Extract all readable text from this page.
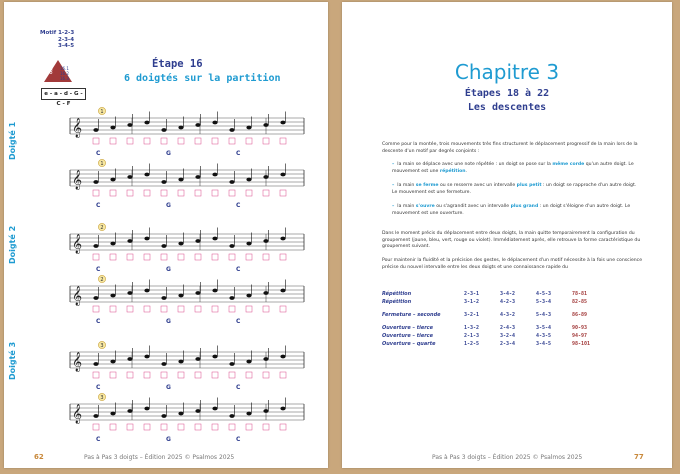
Motif 1-2-3
2-3-4
3-4-5
⚷ 16.1
16.2
16.3
e - a - d - G - C - F
Étape 16
6 doigtés sur la partition
Doigté 1
Doigté 2
Doigté 3
𝄞
1
C	G	C
𝄞
1
C	G	C
𝄞
2
C	G	C
𝄞
2
C	G	C
𝄞
3
C	G	C
𝄞
3
C	G	C
Pas à Pas 3 doigts – Édition 2025 © Psalmos 2025
62
Chapitre 3
Étapes 18 à 22
Les descentes
Comme pour la montée, trois mouvements très fins structurent le déplacement progressif de la main lors de la descente d'un motif par degrés conjoints :
– la main se déplace avec une note répétée : un doigt se pose sur la même corde qu'un autre doigt. Le mouvement est une répétition.
– la main se ferme ou se resserre avec un intervalle plus petit : un doigt se rapproche d'un autre doigt. Le mouvement est une fermeture.
– la main s'ouvre ou s'agrandit avec un intervalle plus grand : un doigt s'éloigne d'un autre doigt. Le mouvement est une ouverture.
Dans le moment précis du déplacement entre deux doigts, la main quitte temporairement la configuration du groupement (jaune, bleu, vert, rouge ou violet). Immédiatement après, elle retrouve la forme caractéristique du groupement suivant.
Pour maintenir la fluidité et la précision des gestes, le déplacement d'un motif nécessite à la fois une conscience précise du nouvel intervalle entre les deux doigts et une connaissance rapide du
Répétition	2-3-1	3-4-2	4-5-3	78-81
Répétition	3-1-2	4-2-3	5-3-4	82-85

Fermeture – seconde	3-2-1	4-3-2	5-4-3	86-89

Ouverture – tierce	1-3-2	2-4-3	3-5-4	90-93
Ouverture – tierce	2-1-3	3-2-4	4-3-5	94-97
Ouverture – quarte	1-2-5	2-3-4	3-4-5	98-101
Pas à Pas 3 doigts – Édition 2025 © Psalmos 2025	77
